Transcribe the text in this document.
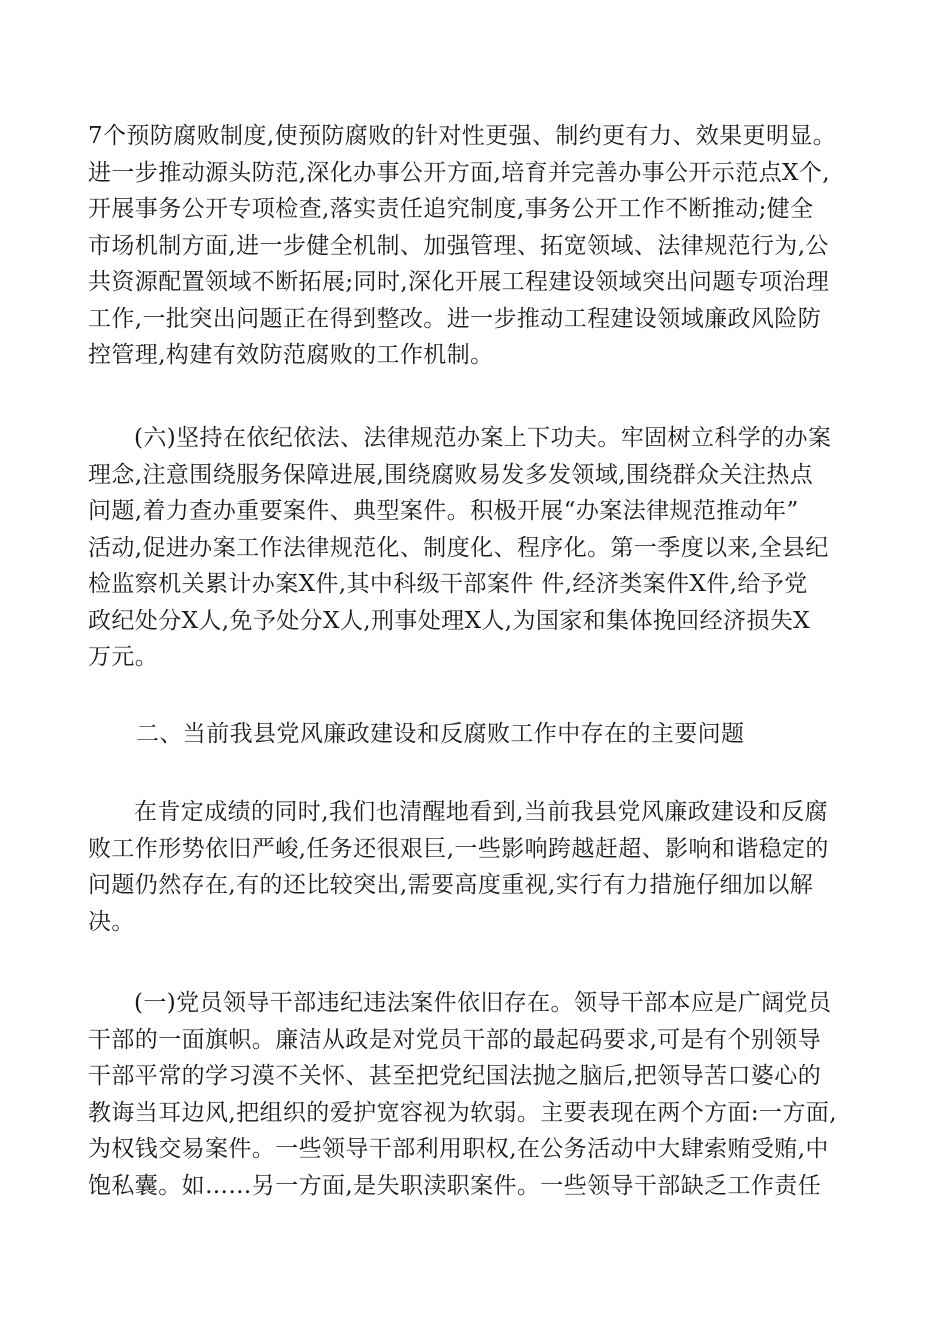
7个预防腐败制度,使预防腐败的针对性更强、制约更有力、效果更明显。
进一步推动源头防范,深化办事公开方面,培育并完善办事公开示范点X个,
开展事务公开专项检查,落实责任追究制度,事务公开工作不断推动;健全
市场机制方面,进一步健全机制、加强管理、拓宽领域、法律规范行为,公
共资源配置领域不断拓展;同时,深化开展工程建设领域突出问题专项治理
工作,一批突出问题正在得到整改。进一步推动工程建设领域廉政风险防
控管理,构建有效防范腐败的工作机制。
(六)坚持在依纪依法、法律规范办案上下功夫。牢固树立科学的办案
理念,注意围绕服务保障进展,围绕腐败易发多发领域,围绕群众关注热点
问题,着力查办重要案件、典型案件。积极开展“办案法律规范推动年”
活动,促进办案工作法律规范化、制度化、程序化。第一季度以来,全县纪
检监察机关累计办案X件,其中科级干部案件 件,经济类案件X件,给予党
政纪处分X人,免予处分X人,刑事处理X人,为国家和集体挽回经济损失X
万元。
二、当前我县党风廉政建设和反腐败工作中存在的主要问题
在肯定成绩的同时,我们也清醒地看到,当前我县党风廉政建设和反腐
败工作形势依旧严峻,任务还很艰巨,一些影响跨越赶超、影响和谐稳定的
问题仍然存在,有的还比较突出,需要高度重视,实行有力措施仔细加以解
决。
(一)党员领导干部违纪违法案件依旧存在。领导干部本应是广阔党员
干部的一面旗帜。廉洁从政是对党员干部的最起码要求,可是有个别领导
干部平常的学习漠不关怀、甚至把党纪国法抛之脑后,把领导苦口婆心的
教诲当耳边风,把组织的爱护宽容视为软弱。主要表现在两个方面:一方面,
为权钱交易案件。一些领导干部利用职权,在公务活动中大肆索贿受贿,中
饱私囊。如……另一方面,是失职渎职案件。一些领导干部缺乏工作责任
